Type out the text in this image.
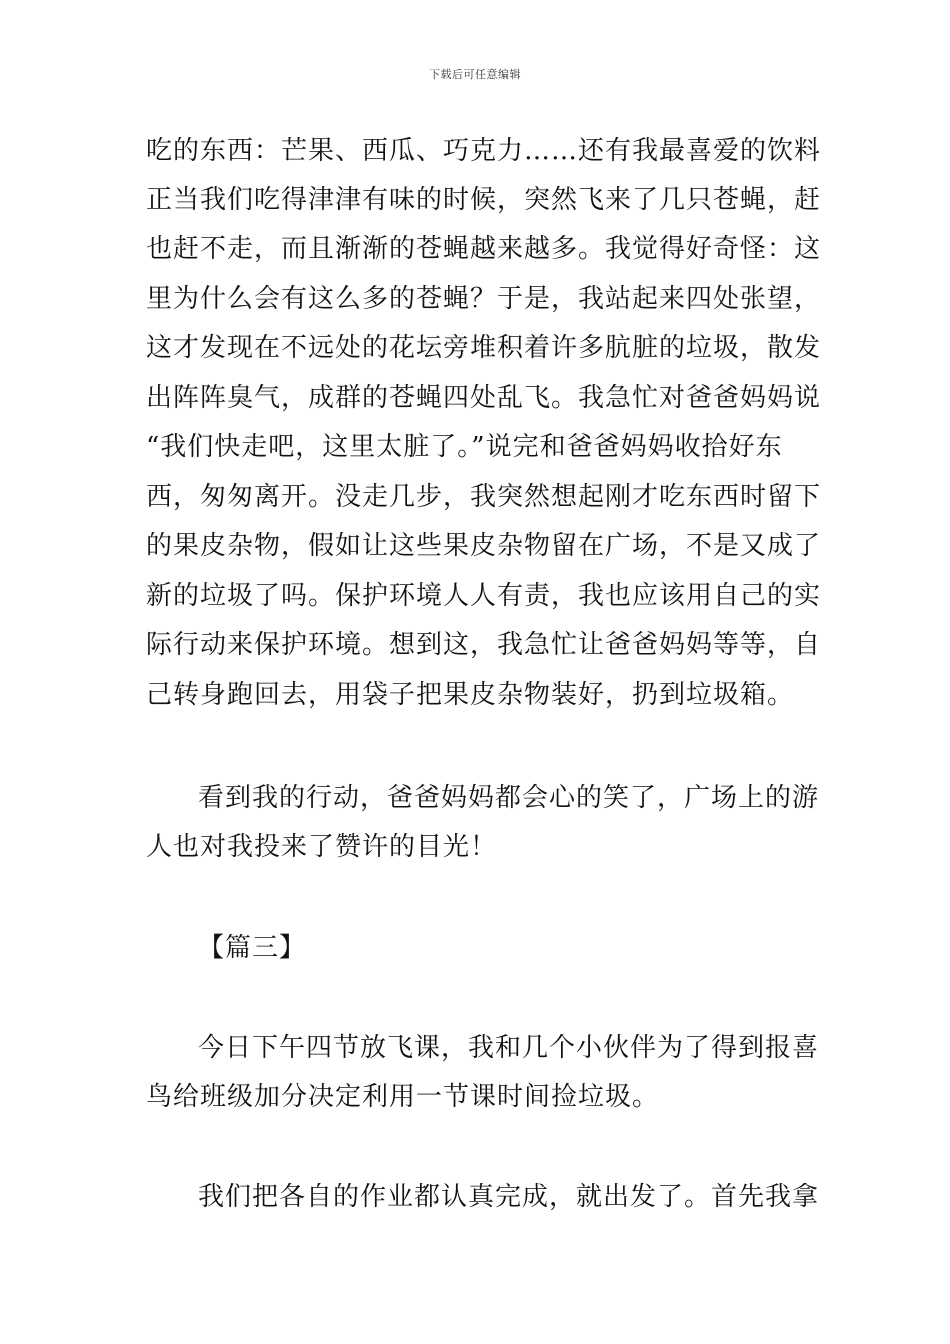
下载后可任意编辑
吃的东西：芒果、西瓜、巧克力……还有我最喜爱的饮料
正当我们吃得津津有味的时候，突然飞来了几只苍蝇，赶
也赶不走，而且渐渐的苍蝇越来越多。我觉得好奇怪：这
里为什么会有这么多的苍蝇？于是，我站起来四处张望，
这才发现在不远处的花坛旁堆积着许多肮脏的垃圾，散发
出阵阵臭气，成群的苍蝇四处乱飞。我急忙对爸爸妈妈说
“我们快走吧，这里太脏了。”说完和爸爸妈妈收拾好东
西，匆匆离开。没走几步，我突然想起刚才吃东西时留下
的果皮杂物，假如让这些果皮杂物留在广场，不是又成了
新的垃圾了吗。保护环境人人有责，我也应该用自己的实
际行动来保护环境。想到这，我急忙让爸爸妈妈等等，自
己转身跑回去，用袋子把果皮杂物装好，扔到垃圾箱。
看到我的行动，爸爸妈妈都会心的笑了，广场上的游
人也对我投来了赞许的目光！
【篇三】
今日下午四节放飞课，我和几个小伙伴为了得到报喜
鸟给班级加分决定利用一节课时间捡垃圾。
我们把各自的作业都认真完成，就出发了。首先我拿
